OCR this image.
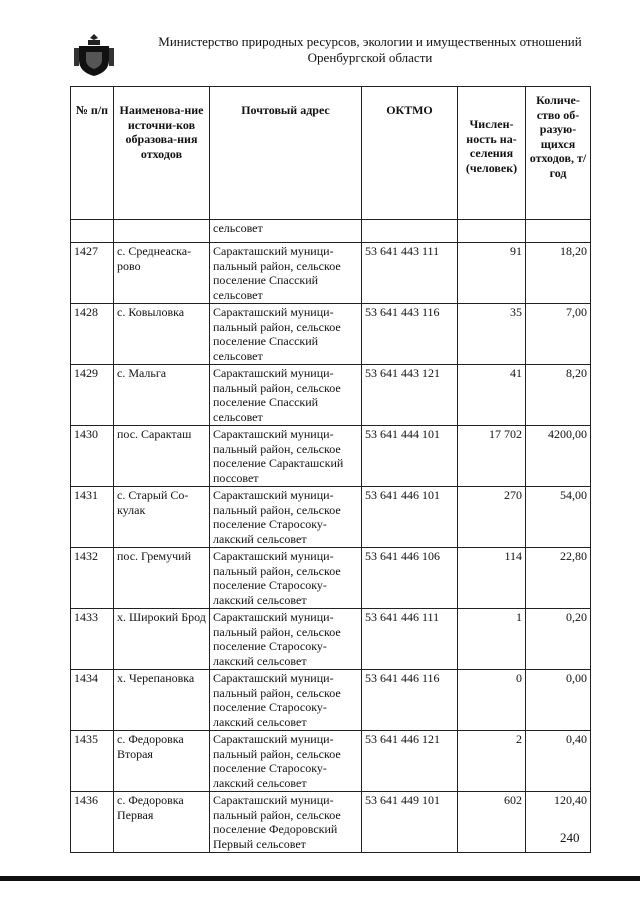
Министерство природных ресурсов, экологии и имущественных отношений
Оренбургской области
№ п/п	Наименова-ние источни-ков образова-ния отходов	Почтовый адрес	ОКТМО	Числен-ность на-селения (человек)	Количе-ство об-разую-щихся отходов, т/год
		сельсовет			
1427	с. Среднеаска-рово	Саракташский муници-пальный район, сельское поселение Спасский сельсовет	53 641 443 111	91	18,20
1428	с. Ковыловка	Саракташский муници-пальный район, сельское поселение Спасский сельсовет	53 641 443 116	35	7,00
1429	с. Мальга	Саракташский муници-пальный район, сельское поселение Спасский сельсовет	53 641 443 121	41	8,20
1430	пос. Саракташ	Саракташский муници-пальный район, сельское поселение Саракташский поссовет	53 641 444 101	17 702	4200,00
1431	с. Старый Со-кулак	Саракташский муници-пальный район, сельское поселение Старосоку-лакский сельсовет	53 641 446 101	270	54,00
1432	пос. Гремучий	Саракташский муници-пальный район, сельское поселение Старосоку-лакский сельсовет	53 641 446 106	114	22,80
1433	х. Широкий Брод	Саракташский муници-пальный район, сельское поселение Старосоку-лакский сельсовет	53 641 446 111	1	0,20
1434	х. Черепановка	Саракташский муници-пальный район, сельское поселение Старосоку-лакский сельсовет	53 641 446 116	0	0,00
1435	с. Федоровка Вторая	Саракташский муници-пальный район, сельское поселение Старосоку-лакский сельсовет	53 641 446 121	2	0,40
1436	с. Федоровка Первая	Саракташский муници-пальный район, сельское поселение Федоровский Первый сельсовет	53 641 449 101	602	120,40
240
